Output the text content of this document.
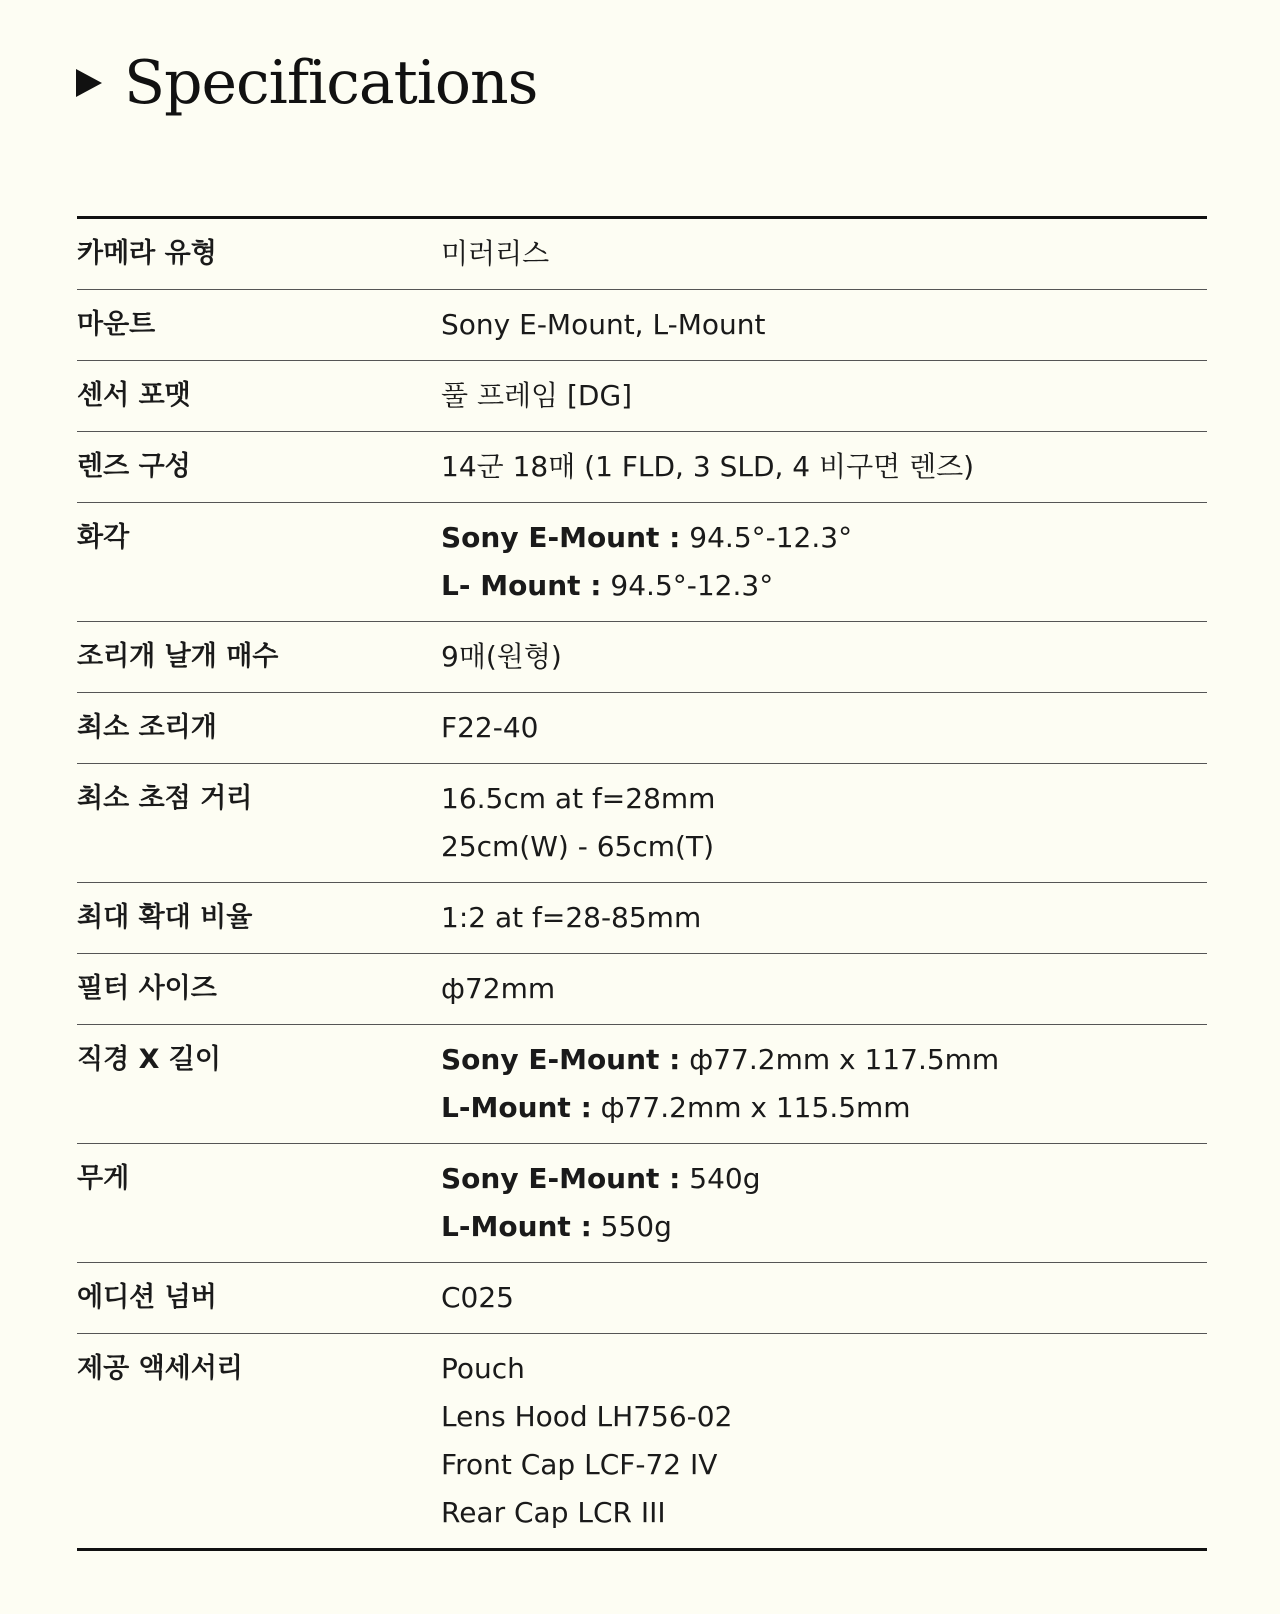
Specifications
카메라 유형	미러리스

마운트	Sony E-Mount, L-Mount

센서 포맷	풀 프레임 [DG]

렌즈 구성	14군 18매 (1 FLD, 3 SLD, 4 비구면 렌즈)

화각	Sony E-Mount : 94.5°-12.3°
L- Mount : 94.5°-12.3°

조리개 날개 매수	9매(원형)

최소 조리개	F22-40

최소 초점 거리	16.5cm at f=28mm
25cm(W) - 65cm(T)

최대 확대 비율	1:2 at f=28-85mm

필터 사이즈	ф72mm

직경 X 길이	Sony E-Mount : ф77.2mm x 117.5mm
L-Mount : ф77.2mm x 115.5mm

무게	Sony E-Mount : 540g
L-Mount : 550g

에디션 넘버	C025

제공 액세서리	Pouch
Lens Hood LH756-02
Front Cap LCF-72 IV
Rear Cap LCR III
